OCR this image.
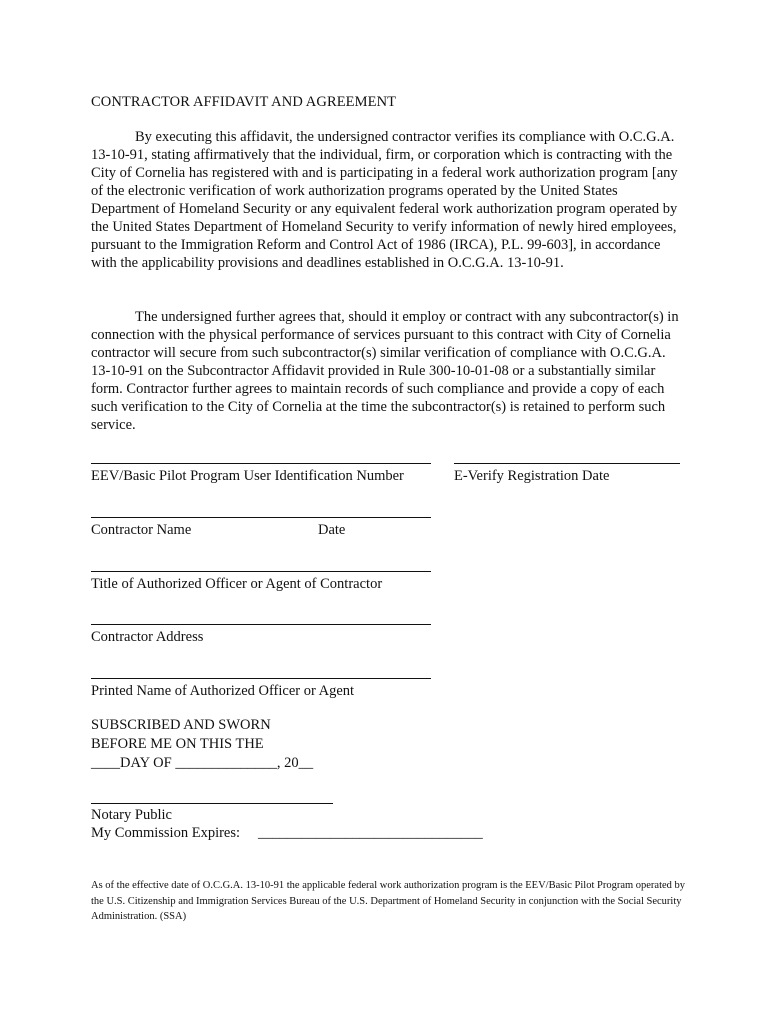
CONTRACTOR AFFIDAVIT AND AGREEMENT

By executing this affidavit, the undersigned contractor verifies its compliance with O.C.G.A. 13-10-91, stating affirmatively that the individual, firm, or corporation which is contracting with the City of Cornelia has registered with and is participating in a federal work authorization program [any of the electronic verification of work authorization programs operated by the United States Department of Homeland Security or any equivalent federal work authorization program operated by the United States Department of Homeland Security to verify information of newly hired employees, pursuant to the Immigration Reform and Control Act of 1986 (IRCA), P.L. 99-603], in accordance with the applicability provisions and deadlines established in O.C.G.A. 13-10-91.

The undersigned further agrees that, should it employ or contract with any subcontractor(s) in connection with the physical performance of services pursuant to this contract with City of Cornelia contractor will secure from such subcontractor(s) similar verification of compliance with O.C.G.A. 13-10-91 on the Subcontractor Affidavit provided in Rule 300-10-01-08 or a substantially similar form. Contractor further agrees to maintain records of such compliance and provide a copy of each such verification to the City of Cornelia at the time the subcontractor(s) is retained to perform such service.

EEV/Basic Pilot Program User Identification Number	E-Verify Registration Date
Contractor Name	Date
Title of Authorized Officer or Agent of Contractor
Contractor Address
Printed Name of Authorized Officer or Agent
SUBSCRIBED AND SWORN
BEFORE ME ON THIS THE
____DAY OF ______________, 20__
Notary Public
My Commission Expires: _______________________________

As of the effective date of O.C.G.A. 13-10-91 the applicable federal work authorization program is the EEV/Basic Pilot Program operated by the U.S. Citizenship and Immigration Services Bureau of the U.S. Department of Homeland Security in conjunction with the Social Security Administration. (SSA)
